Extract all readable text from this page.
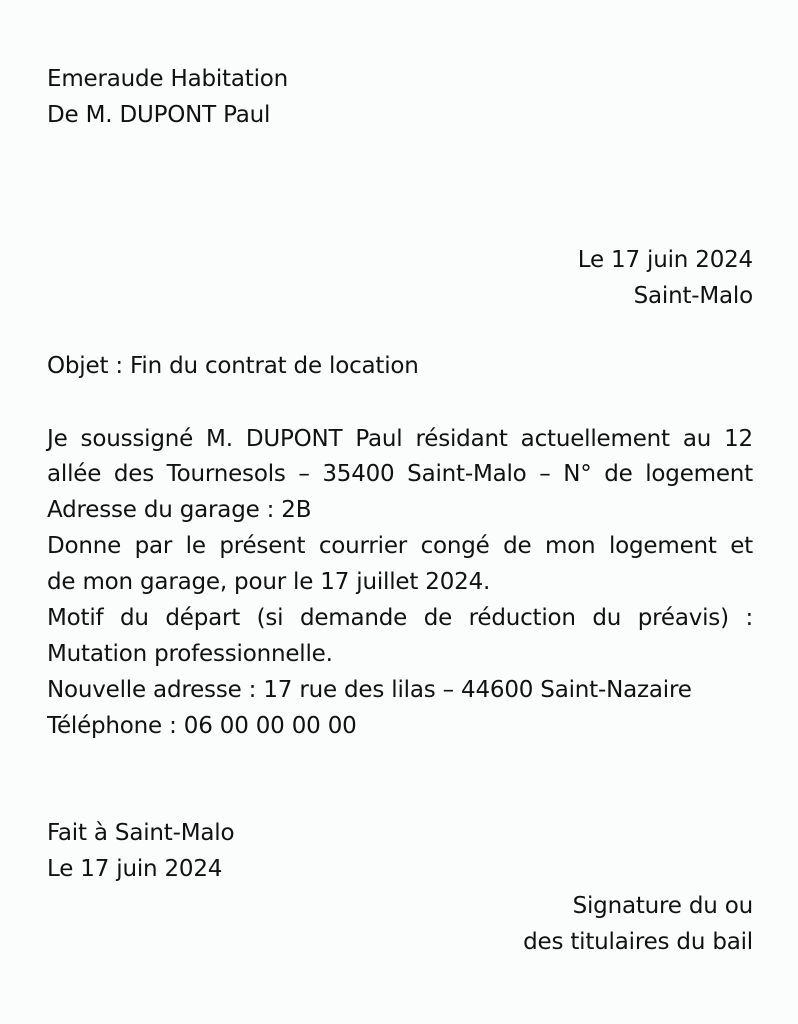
Emeraude Habitation
De M. DUPONT Paul
Le 17 juin 2024
Saint-Malo
Objet : Fin du contrat de location
Je soussigné M. DUPONT Paul résidant actuellement au 12
allée des Tournesols – 35400 Saint-Malo – N° de logement
Adresse du garage : 2B
Donne par le présent courrier congé de mon logement et
de mon garage, pour le 17 juillet 2024.
Motif du départ (si demande de réduction du préavis) :
Mutation professionnelle.
Nouvelle adresse : 17 rue des lilas – 44600 Saint-Nazaire
Téléphone : 06 00 00 00 00
Fait à Saint-Malo
Le 17 juin 2024
Signature du ou
des titulaires du bail
